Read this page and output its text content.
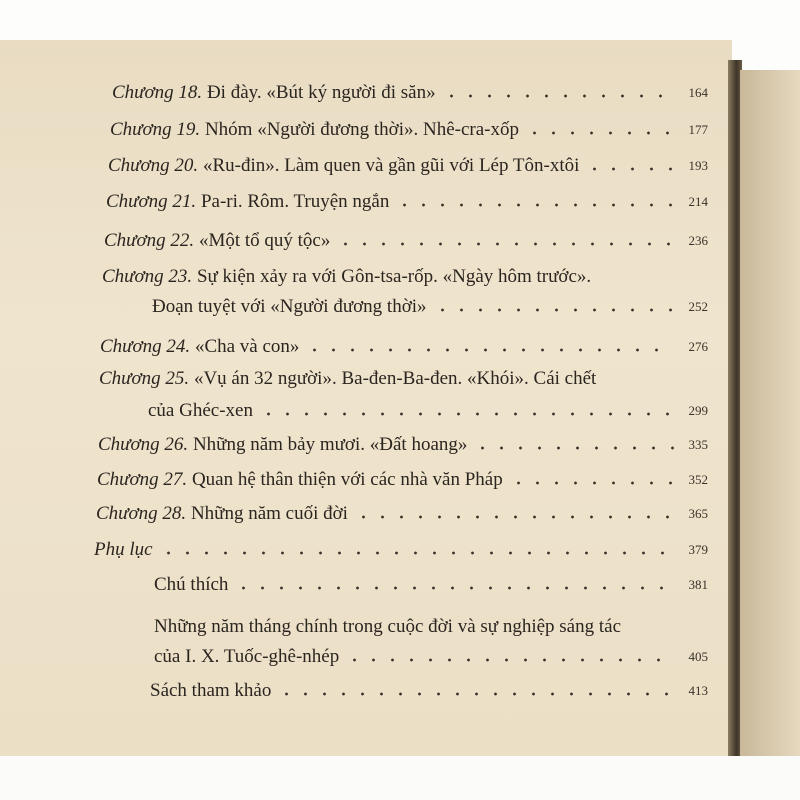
Chương 18. Đi đày. «Bút ký người đi săn»	164
Chương 19. Nhóm «Người đương thời». Nhê-cra-xốp	177
Chương 20. «Ru-đin». Làm quen và gần gũi với Lép Tôn-xtôi	193
Chương 21. Pa-ri. Rôm. Truyện ngắn	214
Chương 22. «Một tổ quý tộc»	236
Chương 23. Sự kiện xảy ra với Gôn-tsa-rốp. «Ngày hôm trước».
Đoạn tuyệt với «Người đương thời»	252
Chương 24. «Cha và con»	276
Chương 25. «Vụ án 32 người». Ba-đen-Ba-đen. «Khói». Cái chết
của Ghéc-xen	299
Chương 26. Những năm bảy mươi. «Đất hoang»	335
Chương 27. Quan hệ thân thiện với các nhà văn Pháp	352
Chương 28. Những năm cuối đời	365
Phụ lục	379
Chú thích	381
Những năm tháng chính trong cuộc đời và sự nghiệp sáng tác
của I. X. Tuốc-ghê-nhép	405
Sách tham khảo	413
